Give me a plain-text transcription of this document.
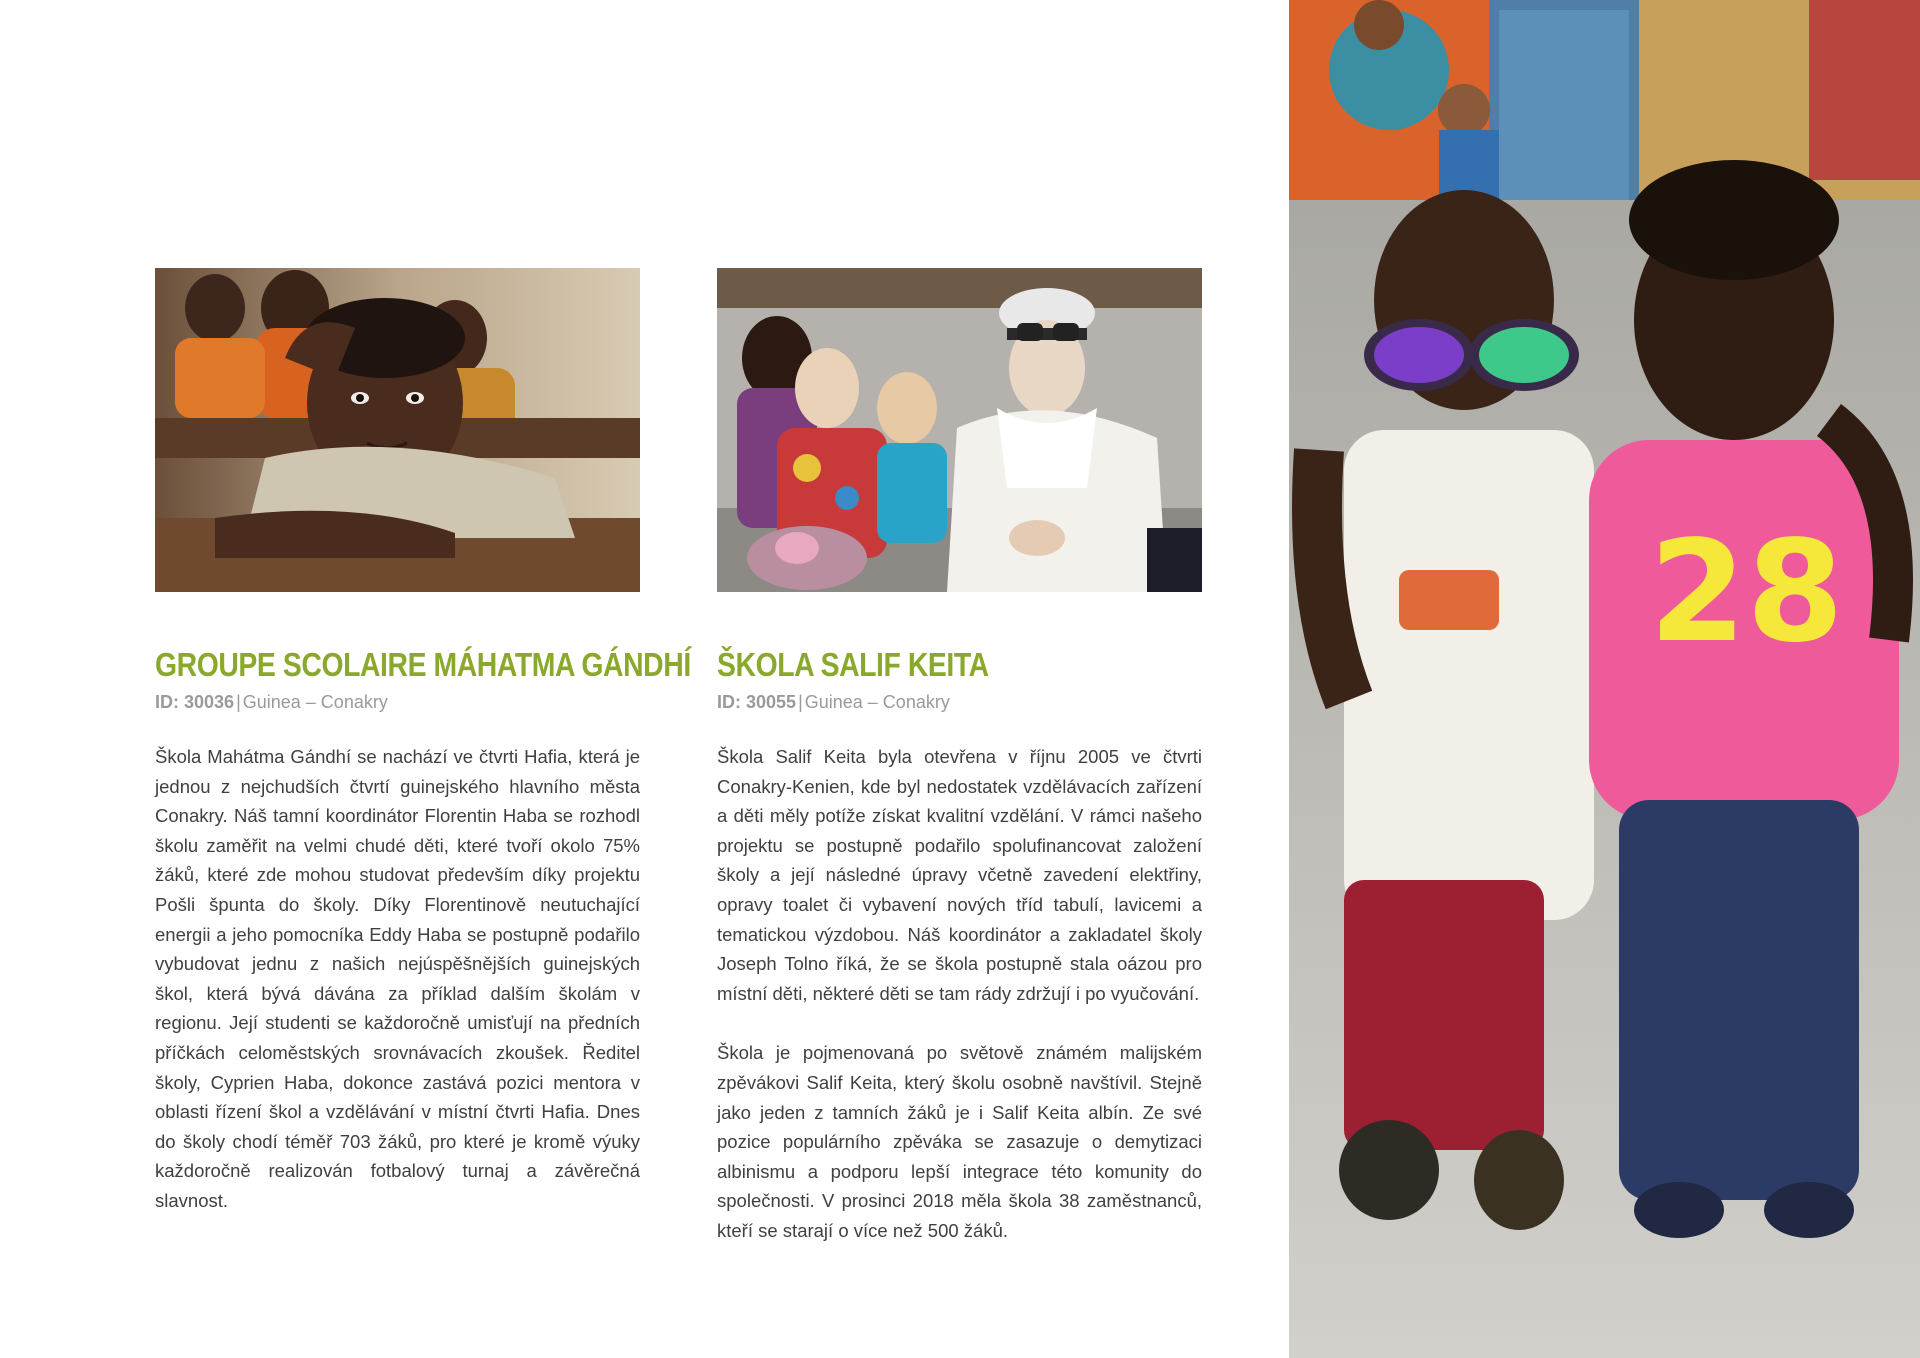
GROUPE SCOLAIRE MÁHATMA GÁNDHÍ
ID: 30036 | Guinea – Conakry

Škola Mahátma Gándhí se nachází ve čtvrti Hafia, která je jednou z nejchudších čtvrtí guinejského hlavního města Conakry. Náš tamní koordinátor Florentin Haba se rozhodl školu zaměřit na velmi chudé děti, které tvoří okolo 75% žáků, které zde mohou studovat především díky projektu Pošli špunta do školy. Díky Florentinově neutuchající energii a jeho pomocníka Eddy Haba se postupně podařilo vybudovat jednu z našich nejúspěšnějších guinejských škol, která bývá dávána za příklad dalším školám v regionu. Její studenti se každoročně umisťují na předních příčkách celoměstských srovnávacích zkoušek. Ředitel školy, Cyprien Haba, dokonce zastává pozici mentora v oblasti řízení škol a vzdělávání v místní čtvrti Hafia. Dnes do školy chodí téměř 703 žáků, pro které je kromě výuky každoročně realizován fotbalový turnaj a závěrečná slavnost.

ŠKOLA SALIF KEITA
ID: 30055 | Guinea – Conakry

Škola Salif Keita byla otevřena v říjnu 2005 ve čtvrti Conakry-Kenien, kde byl nedostatek vzdělávacích zařízení a děti měly potíže získat kvalitní vzdělání. V rámci našeho projektu se postupně podařilo spolufinancovat založení školy a její následné úpravy včetně zavedení elektřiny, opravy toalet či vybavení nových tříd tabulí, lavicemi a tematickou výzdobou. Náš koordinátor a zakladatel školy Joseph Tolno říká, že se škola postupně stala oázou pro místní děti, některé děti se tam rády zdržují i po vyučování.

Škola je pojmenovaná po světově známém malijském zpěvákovi Salif Keita, který školu osobně navštívil. Stejně jako jeden z tamních žáků je i Salif Keita albín. Ze své pozice populárního zpěváka se zasazuje o demytizaci albinismu a podporu lepší integrace této komunity do společnosti. V prosinci 2018 měla škola 38 zaměstnanců, kteří se starají o více než 500 žáků.

28
